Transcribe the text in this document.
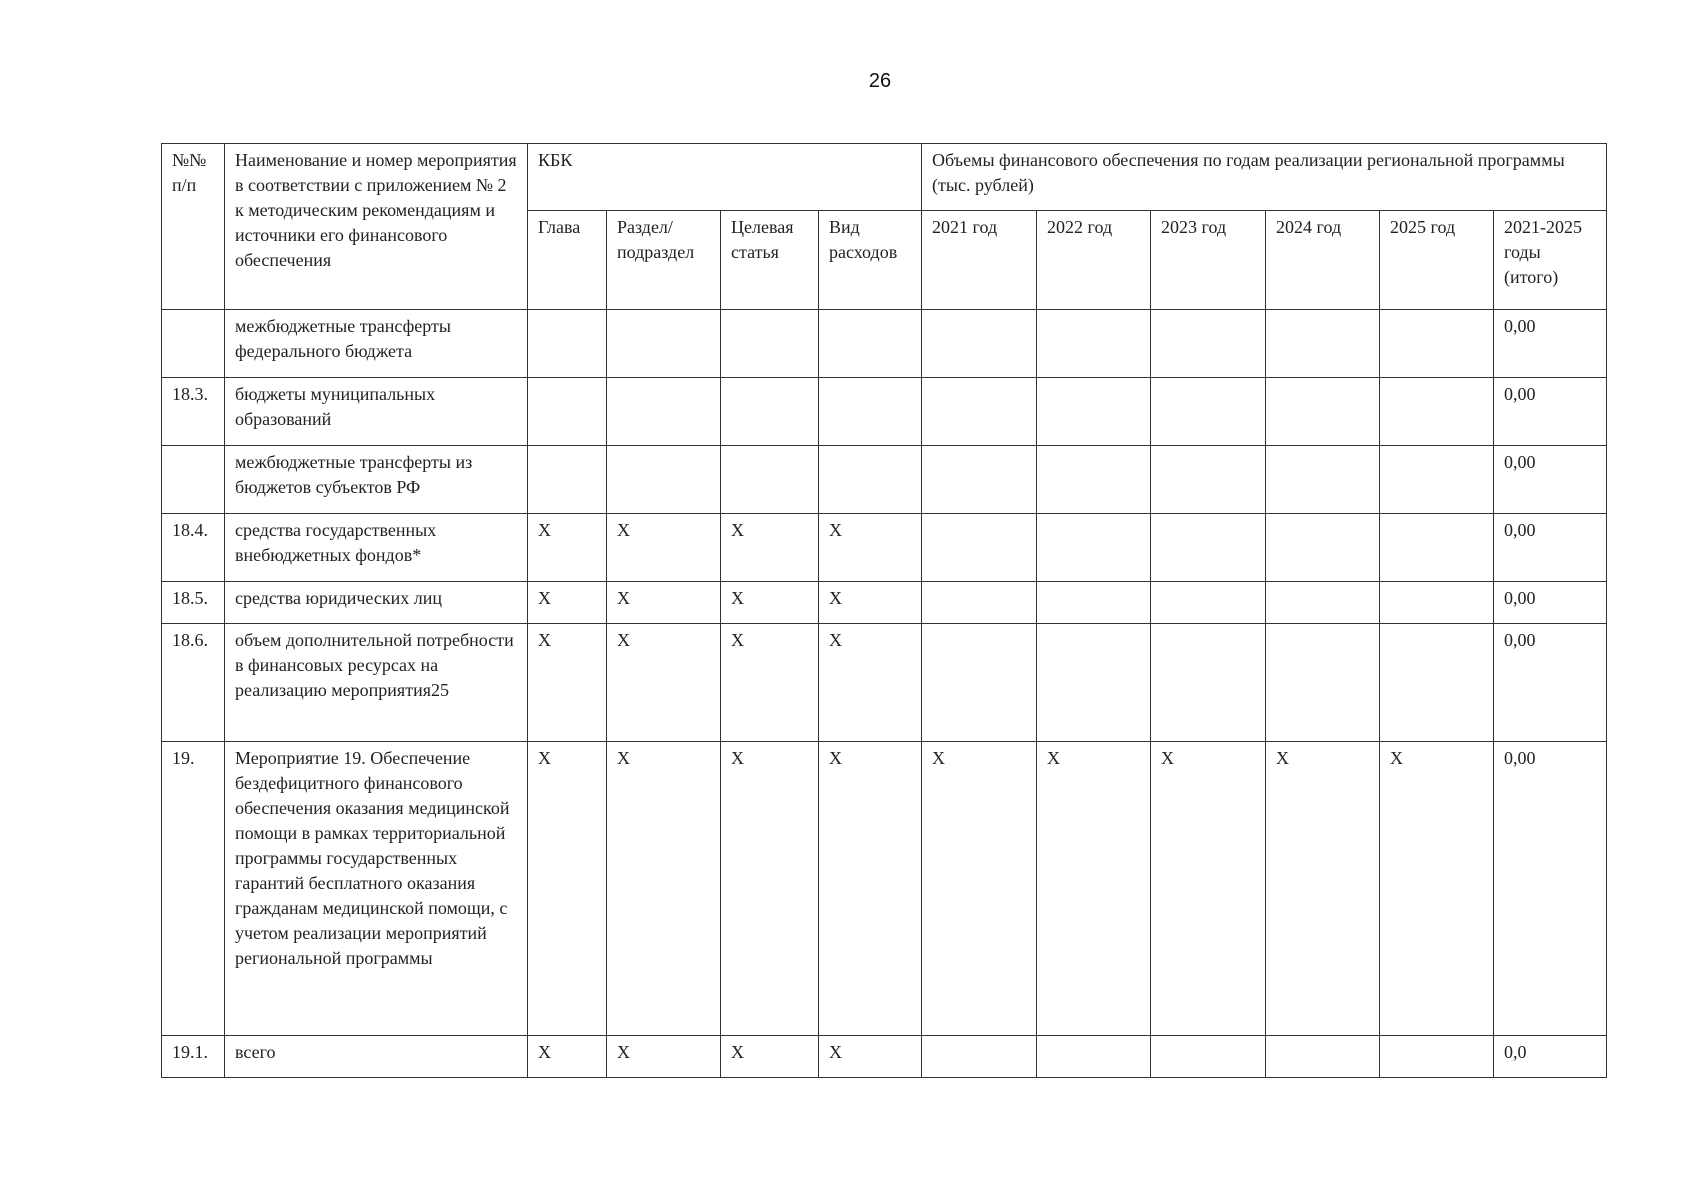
26
№№ п/п	Наименование и номер мероприятия в соответствии с приложением № 2 к методическим рекомендациям и источники его финансового обеспечения	КБК				Объемы финансового обеспечения по годам реализации региональной программы (тыс. рублей)					
		Глава	Раздел/ подраздел	Целевая статья	Вид расходов	2021 год	2022 год	2023 год	2024 год	2025 год	2021-2025 годы (итого)
	межбюджетные трансферты федерального бюджета										0,00
18.3.	бюджеты муниципальных образований										0,00
	межбюджетные трансферты из бюджетов субъектов РФ										0,00
18.4.	средства государственных внебюджетных фондов*	X	X	X	X						0,00
18.5.	средства юридических лиц	X	X	X	X						0,00
18.6.	объем дополнительной потребности в финансовых ресурсах на реализацию мероприятия25	X	X	X	X						0,00
19.	Мероприятие 19. Обеспечение бездефицитного финансового обеспечения оказания медицинской помощи в рамках территориальной программы государственных гарантий бесплатного оказания гражданам медицинской помощи, с учетом реализации мероприятий региональной программы	X	X	X	X	X	X	X	X	X	0,00
19.1.	всего	X	X	X	X						0,0
